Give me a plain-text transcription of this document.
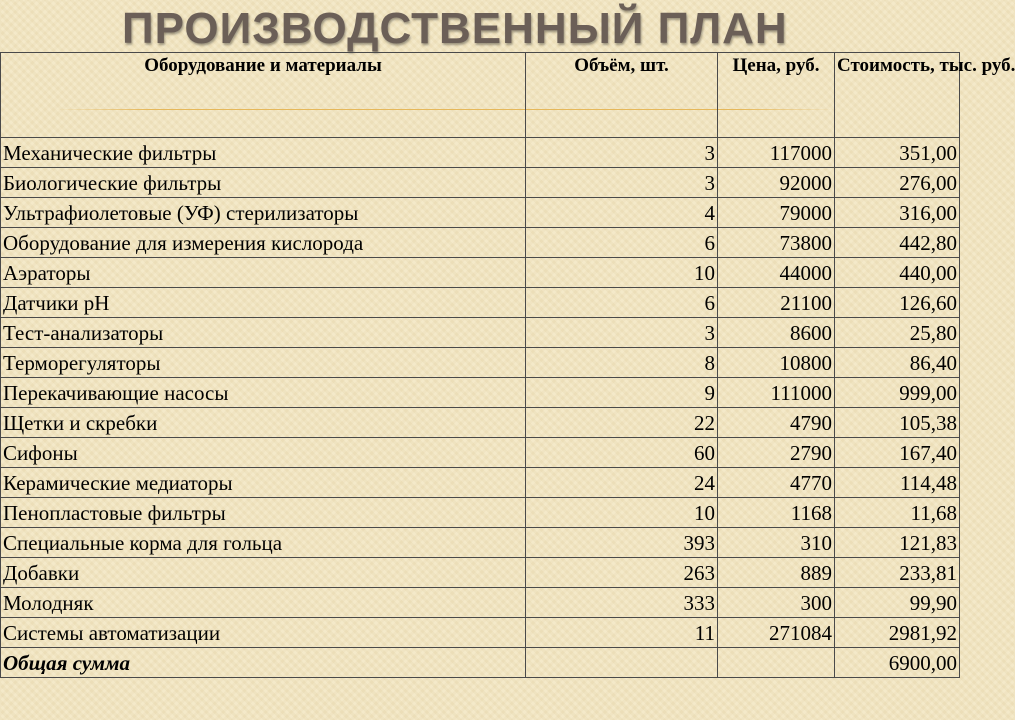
ПРОИЗВОДСТВЕННЫЙ ПЛАН
Оборудование и материалы	Объём, шт.	Цена, руб.	Стоимость, тыс. руб.
Механические фильтры	3	117000	351,00
Биологические фильтры	3	92000	276,00
Ультрафиолетовые (УФ) стерилизаторы	4	79000	316,00
Оборудование для измерения кислорода	6	73800	442,80
Аэраторы	10	44000	440,00
Датчики pH	6	21100	126,60
Тест-анализаторы	3	8600	25,80
Терморегуляторы	8	10800	86,40
Перекачивающие насосы	9	111000	999,00
Щетки и скребки	22	4790	105,38
Сифоны	60	2790	167,40
Керамические медиаторы	24	4770	114,48
Пенопластовые фильтры	10	1168	11,68
Специальные корма для гольца	393	310	121,83
Добавки	263	889	233,81
Молодняк	333	300	99,90
Системы автоматизации	11	271084	2981,92
Общая сумма			6900,00
